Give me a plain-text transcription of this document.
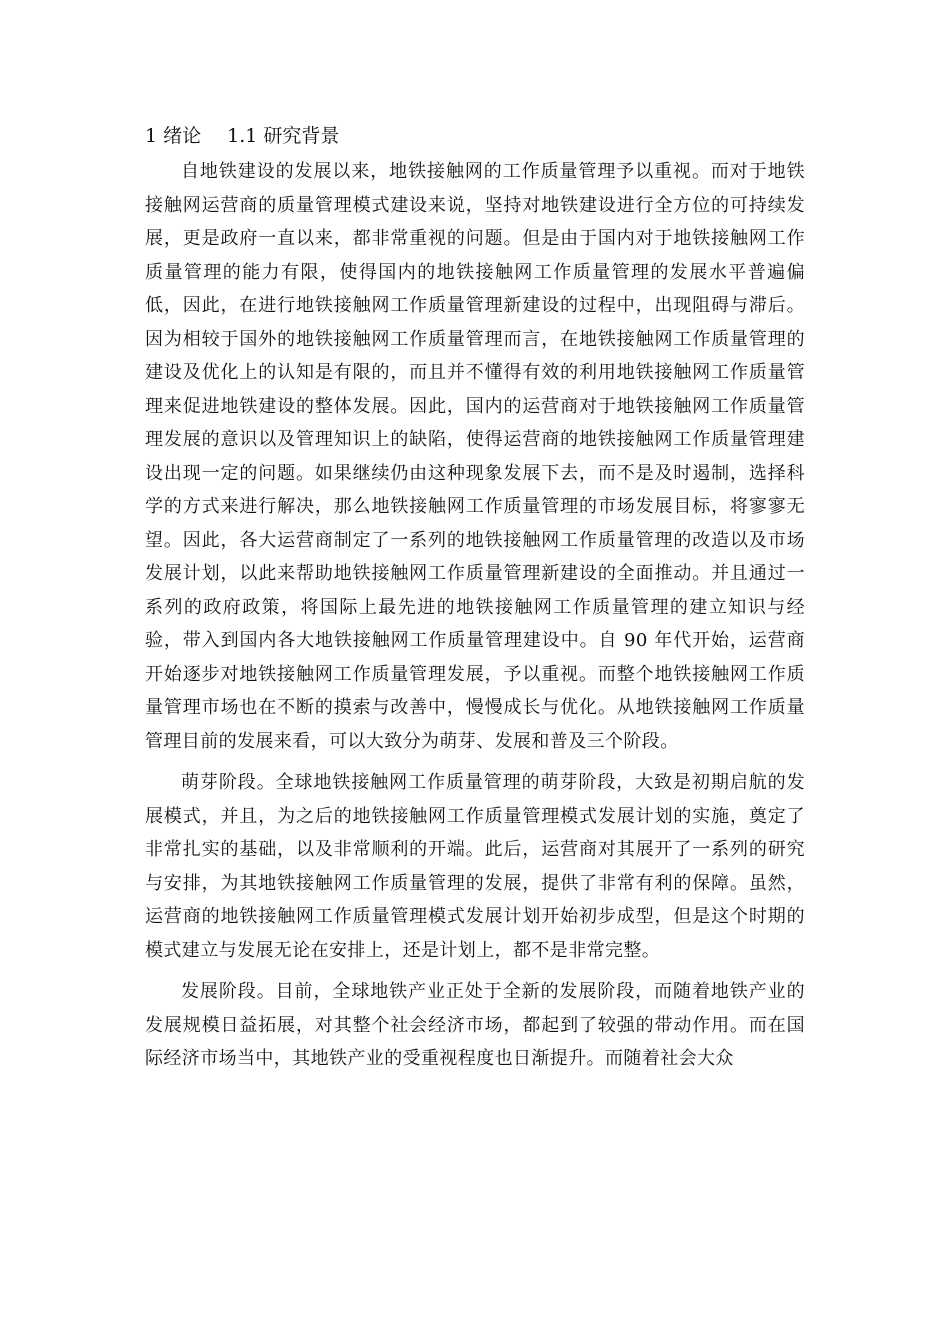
1 绪论 1.1 研究背景

自地铁建设的发展以来，地铁接触网的工作质量管理予以重视。而对于地铁接触网运营商的质量管理模式建设来说，坚持对地铁建设进行全方位的可持续发展，更是政府一直以来，都非常重视的问题。但是由于国内对于地铁接触网工作质量管理的能力有限，使得国内的地铁接触网工作质量管理的发展水平普遍偏低，因此，在进行地铁接触网工作质量管理新建设的过程中，出现阻碍与滞后。因为相较于国外的地铁接触网工作质量管理而言，在地铁接触网工作质量管理的建设及优化上的认知是有限的，而且并不懂得有效的利用地铁接触网工作质量管理来促进地铁建设的整体发展。因此，国内的运营商对于地铁接触网工作质量管理发展的意识以及管理知识上的缺陷，使得运营商的地铁接触网工作质量管理建设出现一定的问题。如果继续仍由这种现象发展下去，而不是及时遏制，选择科学的方式来进行解决，那么地铁接触网工作质量管理的市场发展目标，将寥寥无望。因此，各大运营商制定了一系列的地铁接触网工作质量管理的改造以及市场发展计划，以此来帮助地铁接触网工作质量管理新建设的全面推动。并且通过一系列的政府政策，将国际上最先进的地铁接触网工作质量管理的建立知识与经验，带入到国内各大地铁接触网工作质量管理建设中。自 90 年代开始，运营商开始逐步对地铁接触网工作质量管理发展，予以重视。而整个地铁接触网工作质量管理市场也在不断的摸索与改善中，慢慢成长与优化。从地铁接触网工作质量管理目前的发展来看，可以大致分为萌芽、发展和普及三个阶段。

萌芽阶段。全球地铁接触网工作质量管理的萌芽阶段，大致是初期启航的发展模式，并且，为之后的地铁接触网工作质量管理模式发展计划的实施，奠定了非常扎实的基础，以及非常顺利的开端。此后，运营商对其展开了一系列的研究与安排，为其地铁接触网工作质量管理的发展，提供了非常有利的保障。虽然，运营商的地铁接触网工作质量管理模式发展计划开始初步成型，但是这个时期的模式建立与发展无论在安排上，还是计划上，都不是非常完整。

发展阶段。目前，全球地铁产业正处于全新的发展阶段，而随着地铁产业的发展规模日益拓展，对其整个社会经济市场，都起到了较强的带动作用。而在国际经济市场当中，其地铁产业的受重视程度也日渐提升。而随着社会大众
